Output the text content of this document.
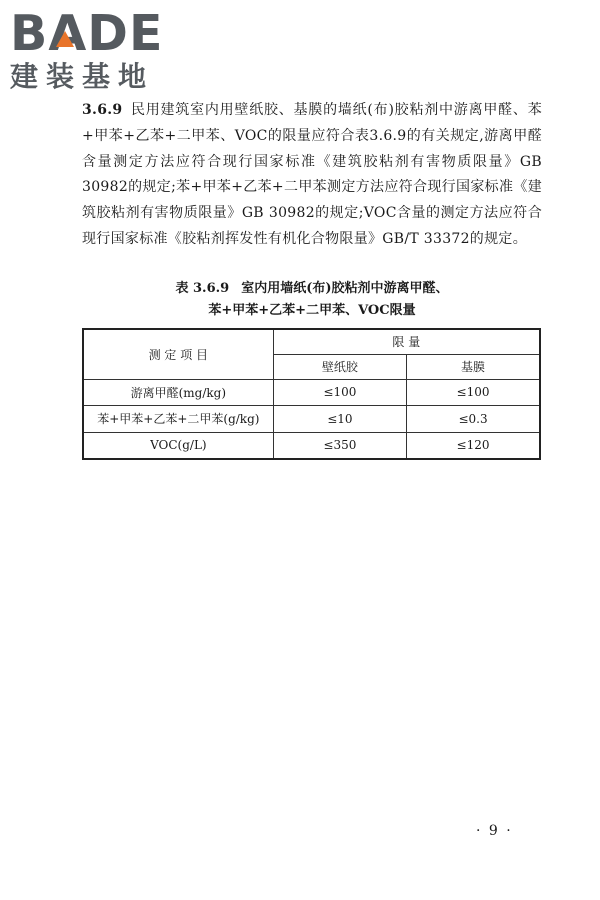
BA
DE
建装基地

3.6.9 民用建筑室内用壁纸胶、基膜的墙纸(布)胶粘剂中游离甲醛、苯+甲苯+乙苯+二甲苯、VOC的限量应符合表3.6.9的有关规定,游离甲醛含量测定方法应符合现行国家标准《建筑胶粘剂有害物质限量》GB 30982的规定;苯+甲苯+乙苯+二甲苯测定方法应符合现行国家标准《建筑胶粘剂有害物质限量》GB 30982的规定;VOC含量的测定方法应符合现行国家标准《胶粘剂挥发性有机化合物限量》GB/T 33372的规定。

表 3.6.9 室内用墙纸(布)胶粘剂中游离甲醛、

苯+甲苯+乙苯+二甲苯、VOC限量

测 定 项 目	限 量	
	壁纸胶	基膜
游离甲醛(mg/kg)	≤100	≤100
苯+甲苯+乙苯+二甲苯(g/kg)	≤10	≤0.3
VOC(g/L)	≤350	≤120
· 9 ·
